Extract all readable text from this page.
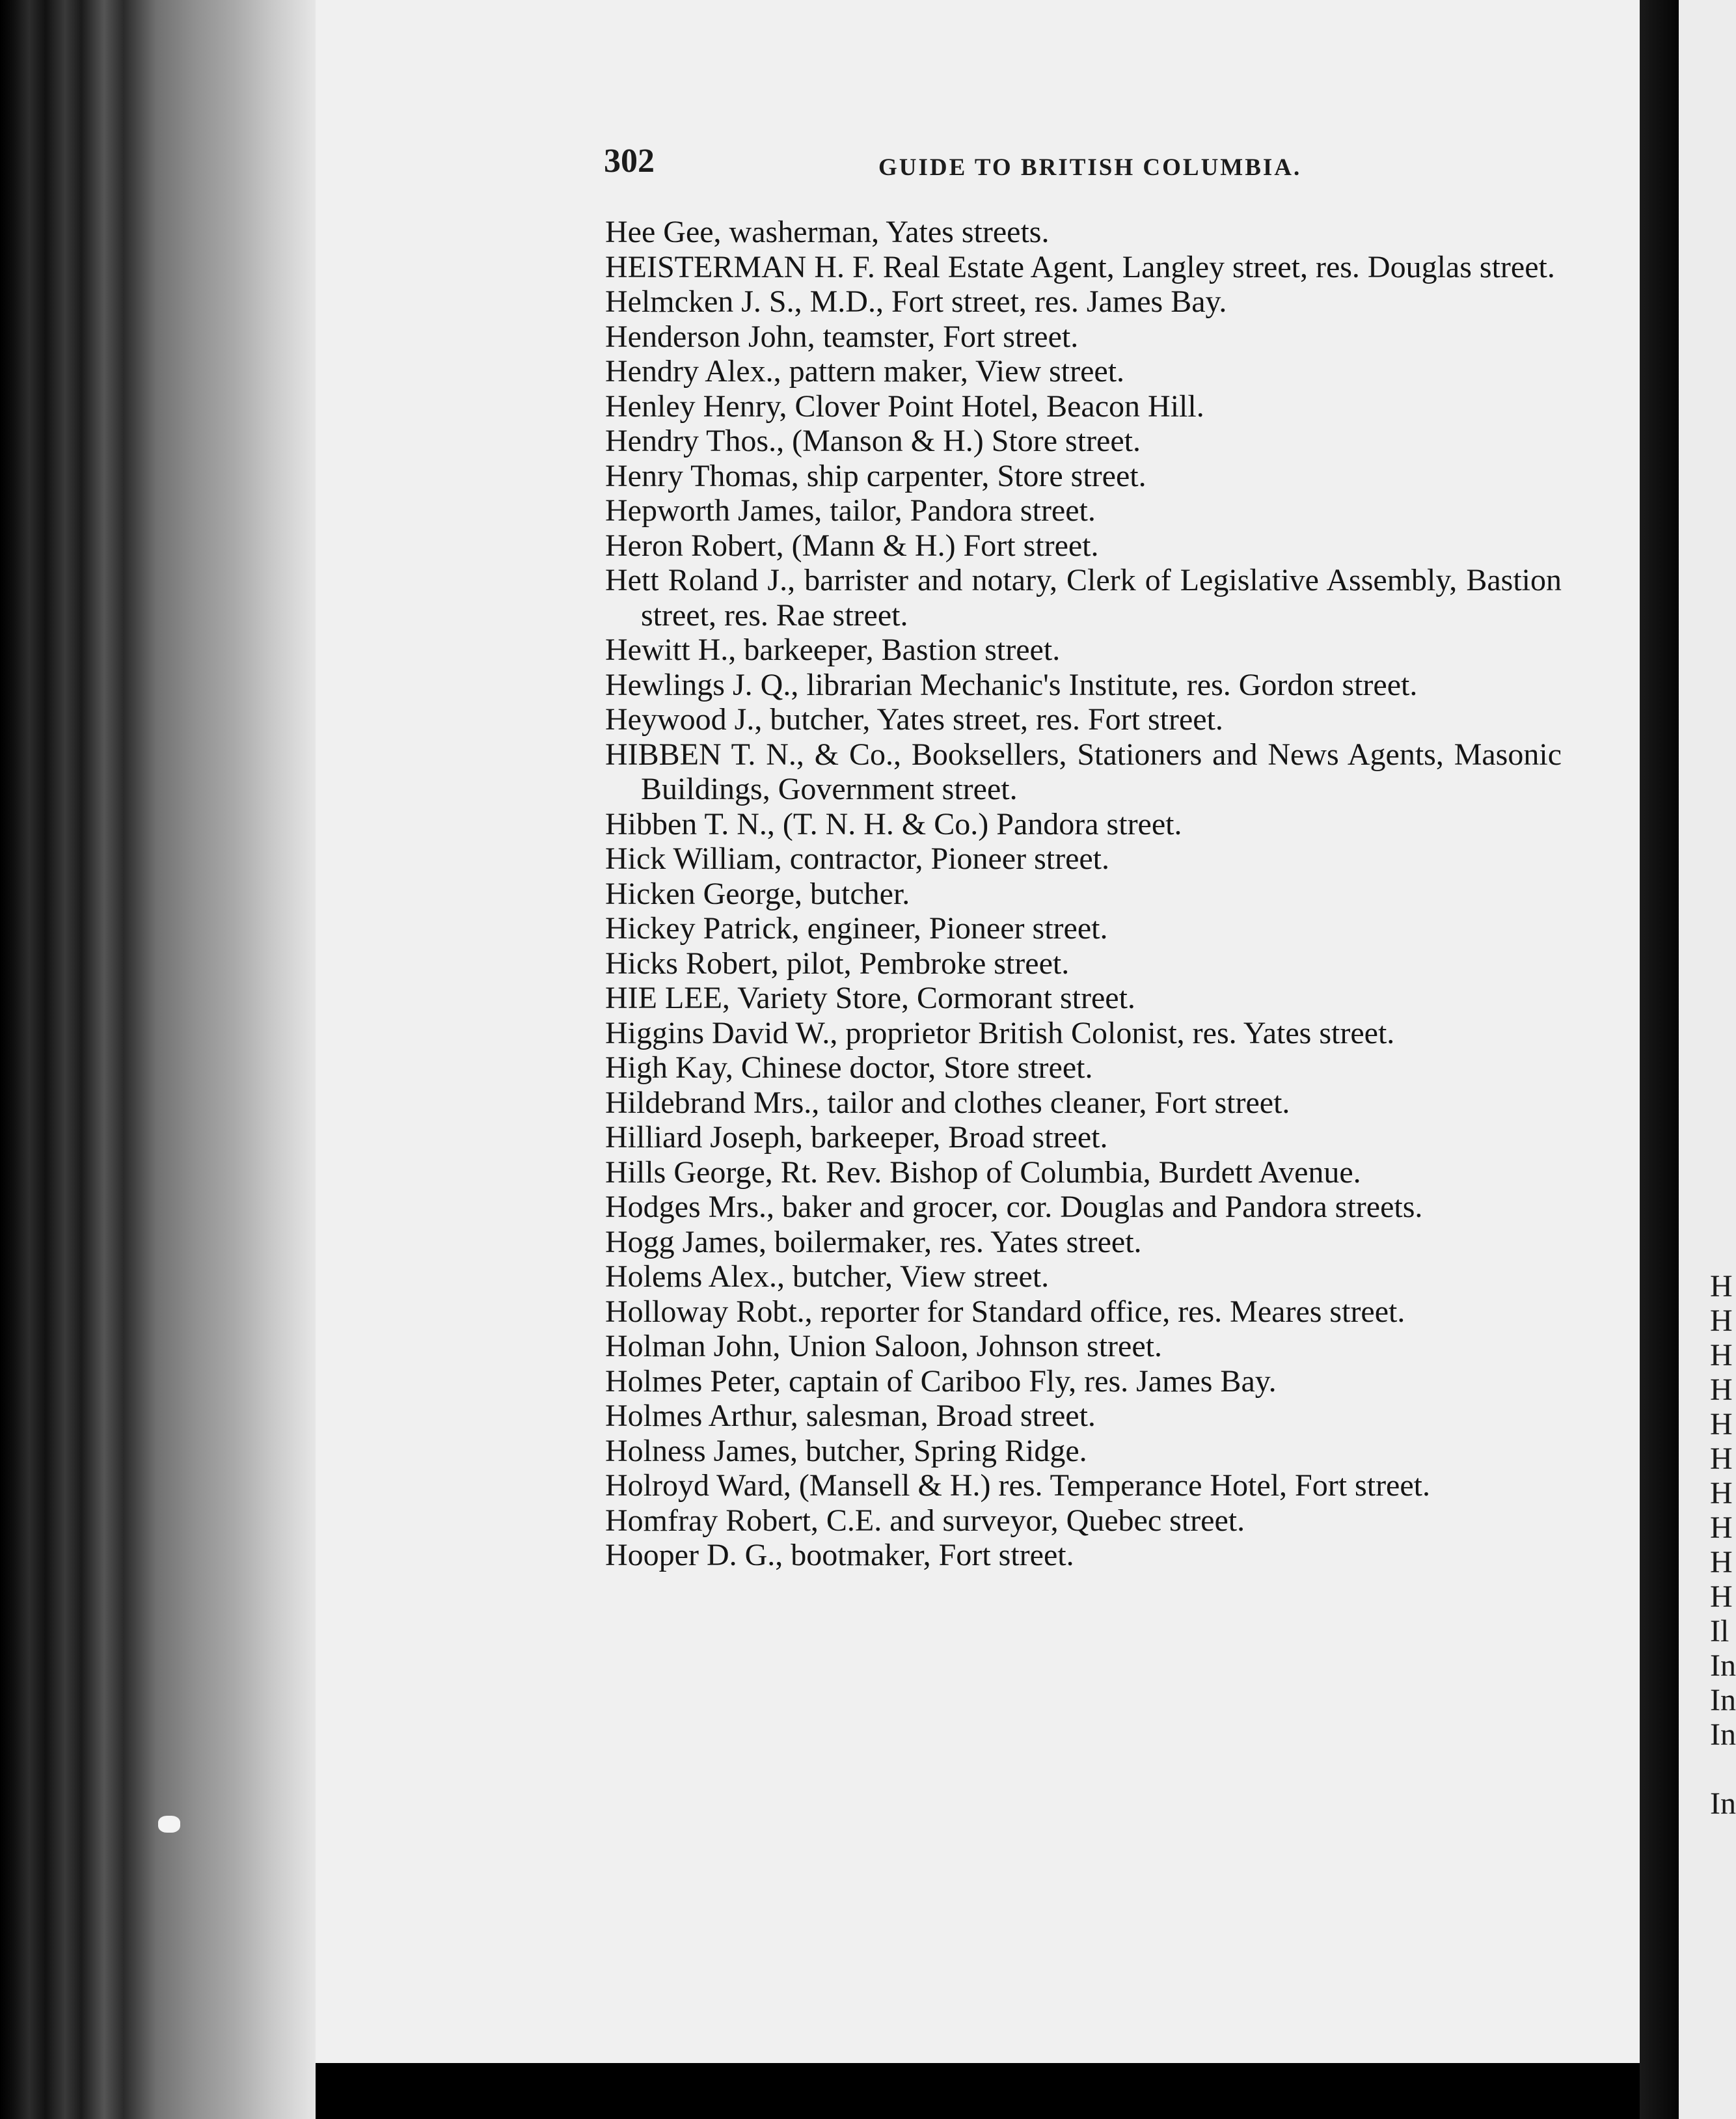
302	GUIDE TO BRITISH COLUMBIA.
Hee Gee, washerman, Yates streets.
HEISTERMAN H. F. Real Estate Agent, Langley street, res. Douglas street.
Helmcken J. S., M.D., Fort street, res. James Bay.
Henderson John, teamster, Fort street.
Hendry Alex., pattern maker, View street.
Henley Henry, Clover Point Hotel, Beacon Hill.
Hendry Thos., (Manson & H.) Store street.
Henry Thomas, ship carpenter, Store street.
Hepworth James, tailor, Pandora street.
Heron Robert, (Mann & H.) Fort street.
Hett Roland J., barrister and notary, Clerk of Legislative Assembly, Bastion street, res. Rae street.
Hewitt H., barkeeper, Bastion street.
Hewlings J. Q., librarian Mechanic's Institute, res. Gordon street.
Heywood J., butcher, Yates street, res. Fort street.
HIBBEN T. N., & Co., Booksellers, Stationers and News Agents, Masonic Buildings, Government street.
Hibben T. N., (T. N. H. & Co.) Pandora street.
Hick William, contractor, Pioneer street.
Hicken George, butcher.
Hickey Patrick, engineer, Pioneer street.
Hicks Robert, pilot, Pembroke street.
HIE LEE, Variety Store, Cormorant street.
Higgins David W., proprietor British Colonist, res. Yates street.
High Kay, Chinese doctor, Store street.
Hildebrand Mrs., tailor and clothes cleaner, Fort street.
Hilliard Joseph, barkeeper, Broad street.
Hills George, Rt. Rev. Bishop of Columbia, Burdett Avenue.
Hodges Mrs., baker and grocer, cor. Douglas and Pandora streets.
Hogg James, boilermaker, res. Yates street.
Holems Alex., butcher, View street.
Holloway Robt., reporter for Standard office, res. Meares street.
Holman John, Union Saloon, Johnson street.
Holmes Peter, captain of Cariboo Fly, res. James Bay.
Holmes Arthur, salesman, Broad street.
Holness James, butcher, Spring Ridge.
Holroyd Ward, (Mansell & H.) res. Temperance Hotel, Fort street.
Homfray Robert, C.E. and surveyor, Quebec street.
Hooper D. G., bootmaker, Fort street.
H
H
H
H
H
H
H
H
H
H
Il
In
In
In
In
